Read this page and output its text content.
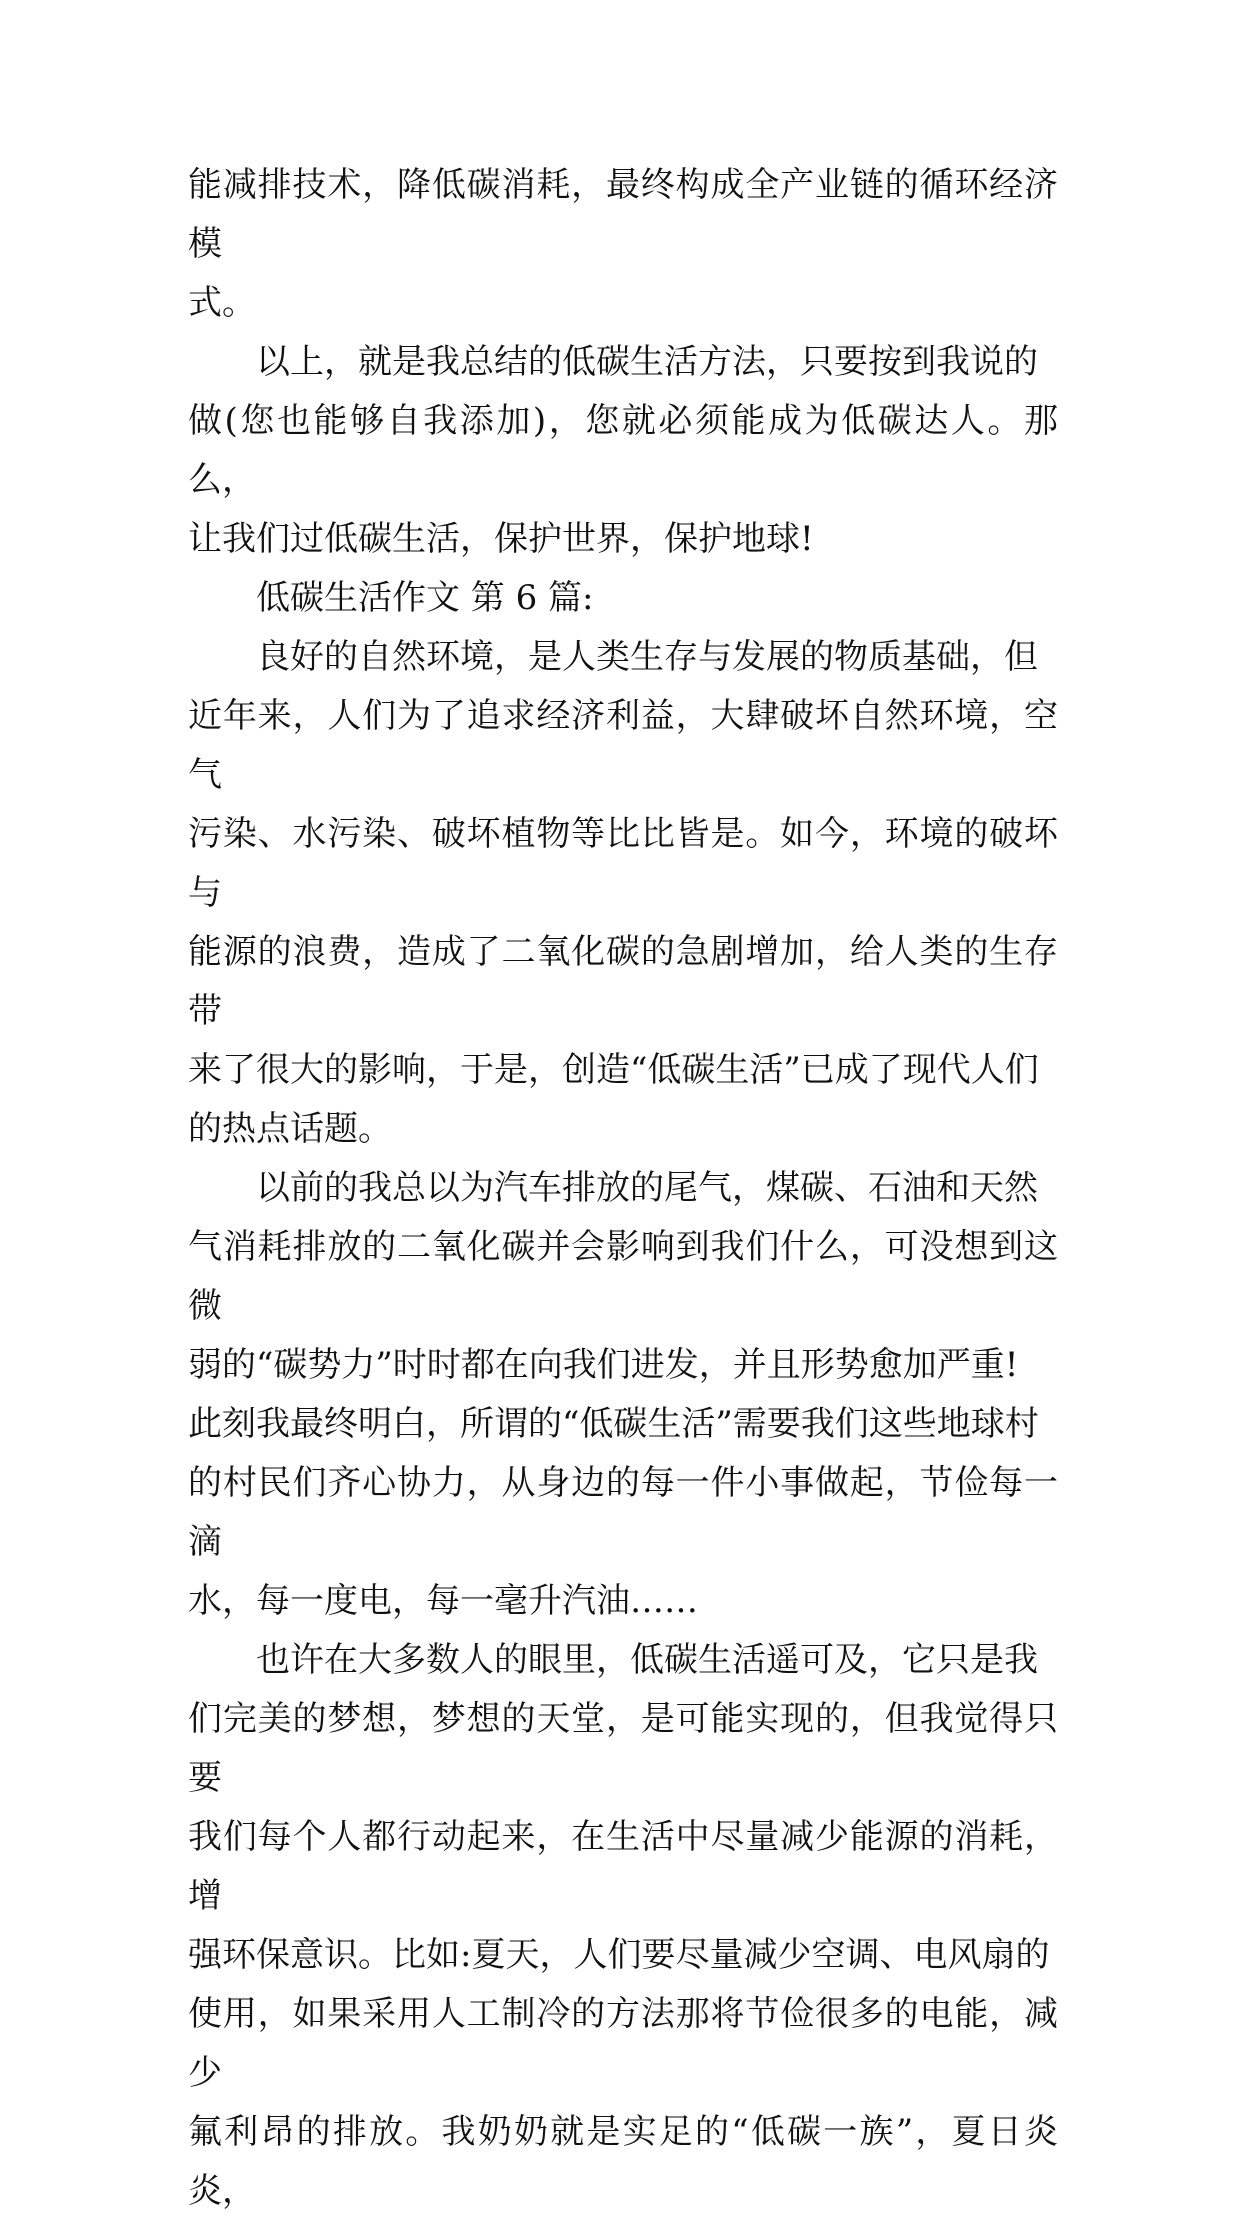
能减排技术，降低碳消耗，最终构成全产业链的循环经济模

式。

　　以上，就是我总结的低碳生活方法，只要按到我说的

做(您也能够自我添加)，您就必须能成为低碳达人。那么，

让我们过低碳生活，保护世界，保护地球!

　　低碳生活作文 第 6 篇:

　　良好的自然环境，是人类生存与发展的物质基础，但

近年来，人们为了追求经济利益，大肆破坏自然环境，空气

污染、水污染、破坏植物等比比皆是。如今，环境的破坏与

能源的浪费，造成了二氧化碳的急剧增加，给人类的生存带

来了很大的影响，于是，创造“低碳生活”已成了现代人们

的热点话题。

　　以前的我总以为汽车排放的尾气，煤碳、石油和天然

气消耗排放的二氧化碳并会影响到我们什么，可没想到这微

弱的“碳势力”时时都在向我们进发，并且形势愈加严重!

此刻我最终明白，所谓的“低碳生活”需要我们这些地球村

的村民们齐心协力，从身边的每一件小事做起，节俭每一滴

水，每一度电，每一毫升汽油……

　　也许在大多数人的眼里，低碳生活遥可及，它只是我

们完美的梦想，梦想的天堂，是可能实现的，但我觉得只要

我们每个人都行动起来，在生活中尽量减少能源的消耗，增

强环保意识。比如:夏天，人们要尽量减少空调、电风扇的

使用，如果采用人工制冷的方法那将节俭很多的电能，减少

氟利昂的排放。我奶奶就是实足的“低碳一族”，夏日炎炎，
